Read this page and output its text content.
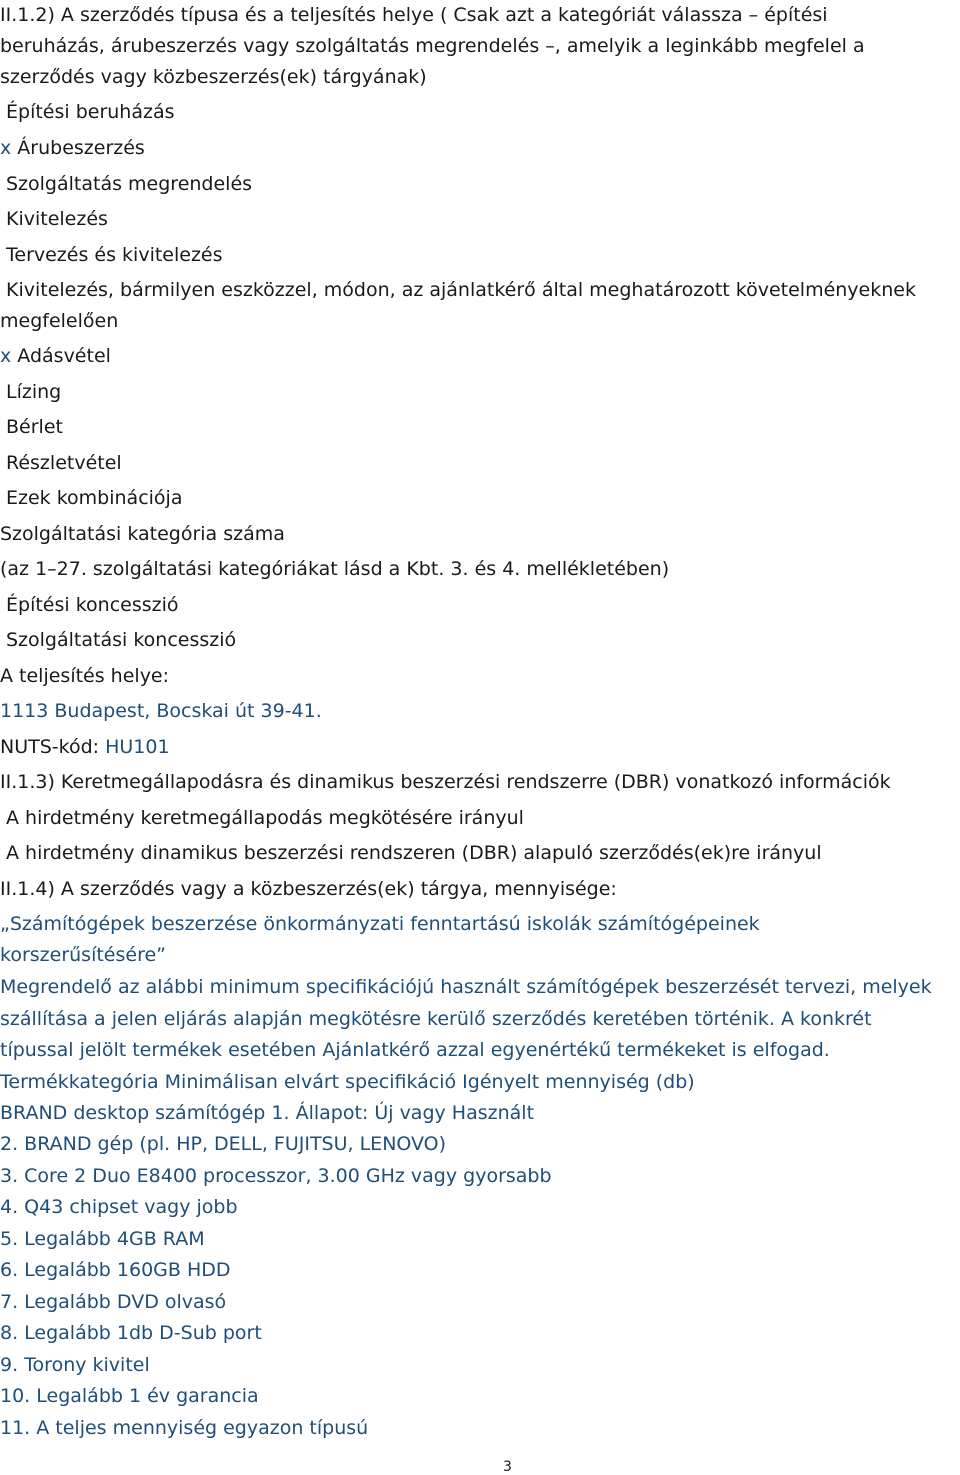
II.1.2) A szerződés típusa és a teljesítés helye ( Csak azt a kategóriát válassza – építési
beruházás, árubeszerzés vagy szolgáltatás megrendelés –, amelyik a leginkább megfelel a
szerződés vagy közbeszerzés(ek) tárgyának)
Építési beruházás
x Árubeszerzés
Szolgáltatás megrendelés
Kivitelezés
Tervezés és kivitelezés
Kivitelezés, bármilyen eszközzel, módon, az ajánlatkérő által meghatározott követelményeknek
megfelelően
x Adásvétel
Lízing
Bérlet
Részletvétel
Ezek kombinációja
Szolgáltatási kategória száma
(az 1–27. szolgáltatási kategóriákat lásd a Kbt. 3. és 4. mellékletében)
Építési koncesszió
Szolgáltatási koncesszió
A teljesítés helye:
1113 Budapest, Bocskai út 39-41.
NUTS-kód: HU101
II.1.3) Keretmegállapodásra és dinamikus beszerzési rendszerre (DBR) vonatkozó információk
A hirdetmény keretmegállapodás megkötésére irányul
A hirdetmény dinamikus beszerzési rendszeren (DBR) alapuló szerződés(ek)re irányul
II.1.4) A szerződés vagy a közbeszerzés(ek) tárgya, mennyisége:
„Számítógépek beszerzése önkormányzati fenntartású iskolák számítógépeinek
korszerűsítésére”
Megrendelő az alábbi minimum specifikációjú használt számítógépek beszerzését tervezi, melyek
szállítása a jelen eljárás alapján megkötésre kerülő szerződés keretében történik. A konkrét
típussal jelölt termékek esetében Ajánlatkérő azzal egyenértékű termékeket is elfogad.
Termékkategória Minimálisan elvárt specifikáció Igényelt mennyiség (db)
BRAND desktop számítógép 1. Állapot: Új vagy Használt
2. BRAND gép (pl. HP, DELL, FUJITSU, LENOVO)
3. Core 2 Duo E8400 processzor, 3.00 GHz vagy gyorsabb
4. Q43 chipset vagy jobb
5. Legalább 4GB RAM
6. Legalább 160GB HDD
7. Legalább DVD olvasó
8. Legalább 1db D-Sub port
9. Torony kivitel
10. Legalább 1 év garancia
11. A teljes mennyiség egyazon típusú
3
